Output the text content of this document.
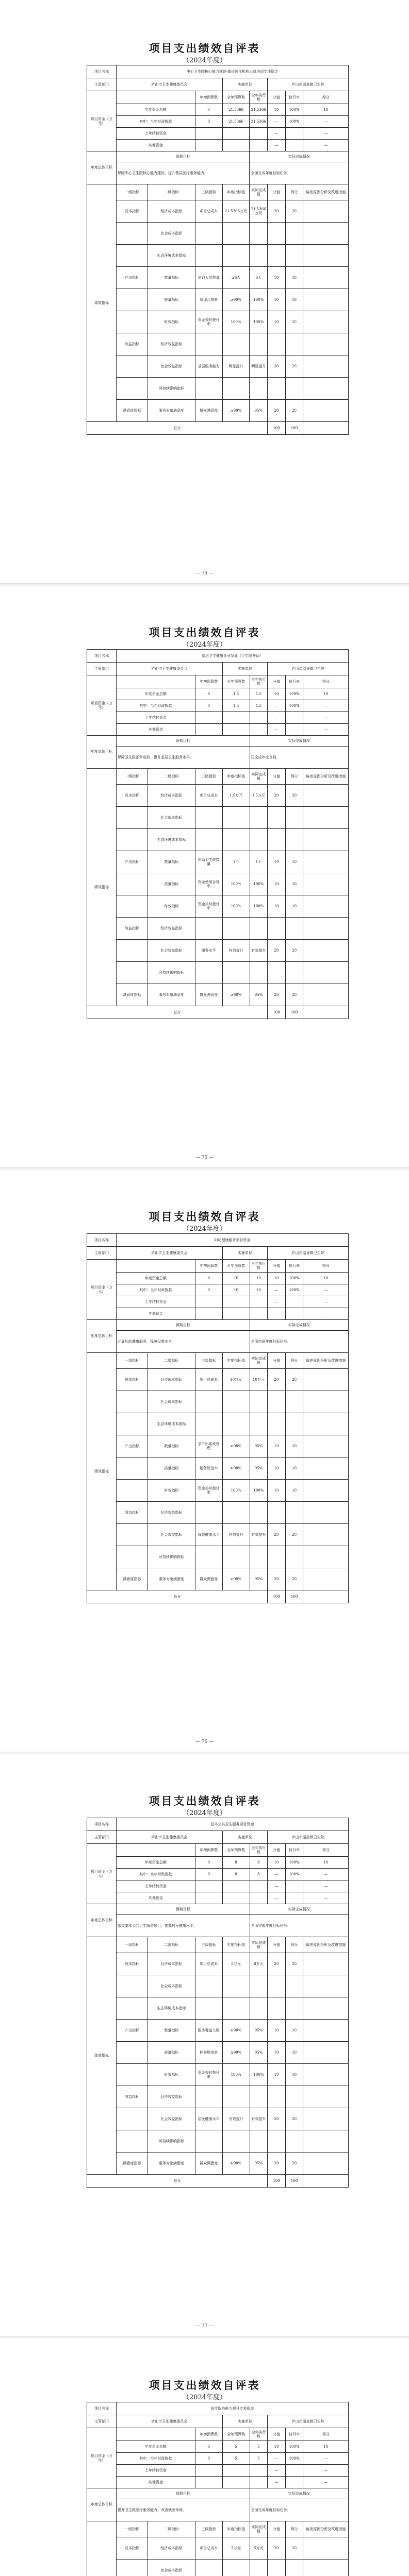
项目支出绩效自评表
（2024年度）
项目名称	中心卫生院核心能力建设·基层医疗机构人员培训专项资金							
主管部门	庐山市卫生健康委员会			实施单位		庐山市温泉镇卫生院		
项目资金（万元）			年初预算数	全年预算数	全年执行数	分值	执行率	得分
	年度资金总额		0	21.5366	21.5366	10	100%	10
	其中：当年财政拨款		0	21.5366	21.5366	—	100%	—
	上年结转资金					—		—
	其他资金					—		—
年度总体目标	预期目标				实际完成情况			
	保障中心卫生院核心能力建设，提升基层医疗服务能力。				全面完成年度目标任务。			
绩效指标	一级指标	二级指标	三级指标	年度指标值	实际完成值	分值	得分	偏差原因分析及改进措施
	成本指标	经济成本指标	项目总成本	21.5366万元	21.5366万元	20	20	
		社会成本指标						
		生态环境成本指标						
	产出指标	数量指标	培训人员数量	≥6人	6人	10	10	
		质量指标	培训合格率	≥90%	100%	10	10	
		时效指标	资金按时拨付率	100%	100%	10	10	
	效益指标	经济效益指标						
		社会效益指标	基层服务能力	明显提升	明显提升	20	20	
		可持续影响指标						
	满意度指标	服务对象满意度	群众满意度	≥90%	95%	20	20	
总分						100	100	
— 74 —
项目支出绩效自评表
（2024年度）
项目名称	基层卫生健康事业发展（卫生院补助）							
主管部门	庐山市卫生健康委员会			实施单位		庐山市温泉镇卫生院		
项目资金（万元）			年初预算数	全年预算数	全年执行数	分值	执行率	得分
	年度资金总额		0	1.5	1.5	10	100%	10
	其中：当年财政拨款		0	1.5	1.5	—	100%	—
	上年结转资金					—		—
	其他资金					—		—
年度总体目标	预期目标				实际完成情况			
	保障卫生院正常运转，提升基层卫生服务水平。				已完成年度目标。			
绩效指标	一级指标	二级指标	三级指标	年度指标值	实际完成值	分值	得分	偏差原因分析及改进措施
	成本指标	经济成本指标	项目总成本	1.5万元	1.5万元	20	20	
		社会成本指标						
		生态环境成本指标						
	产出指标	数量指标	补助卫生院数量	1个	1个	10	10	
		质量指标	资金使用合规率	100%	100%	10	10	
		时效指标	资金按时拨付率	100%	100%	10	10	
	效益指标	经济效益指标						
		社会效益指标	服务水平	有效提升	有效提升	20	20	
		可持续影响指标						
	满意度指标	服务对象满意度	群众满意度	≥90%	95%	20	20	
总分						100	100	
— 75 —
项目支出绩效自评表
（2024年度）
项目名称	妇幼健康服务项目资金							
主管部门	庐山市卫生健康委员会			实施单位		庐山市温泉镇卫生院		
项目资金（万元）			年初预算数	全年预算数	全年执行数	分值	执行率	得分
	年度资金总额		0	10	10	10	100%	10
	其中：当年财政拨款		0	10	10	—	100%	—
	上年结转资金					—		—
	其他资金					—		—
年度总体目标	预期目标				实际完成情况			
	开展妇幼健康服务，保障母婴安全。				全面完成年度目标任务。			
绩效指标	一级指标	二级指标	三级指标	年度指标值	实际完成值	分值	得分	偏差原因分析及改进措施
	成本指标	经济成本指标	项目总成本	10万元	10万元	20	20	
		社会成本指标						
		生态环境成本指标						
	产出指标	数量指标	孕产妇系统管理	≥90%	95%	10	10	
		质量指标	服务规范率	≥90%	95%	10	10	
		时效指标	资金按时拨付率	100%	100%	10	10	
	效益指标	经济效益指标						
		社会效益指标	母婴健康水平	有效提升	有效提升	20	20	
		可持续影响指标						
	满意度指标	服务对象满意度	群众满意度	≥90%	95%	20	20	
总分						100	100	
— 76 —
项目支出绩效自评表
（2024年度）
项目名称	基本公共卫生服务项目资金							
主管部门	庐山市卫生健康委员会			实施单位		庐山市温泉镇卫生院		
项目资金（万元）			年初预算数	全年预算数	全年执行数	分值	执行率	得分
	年度资金总额		0	8	8	10	100%	10
	其中：当年财政拨款		0	8	8	—	100%	—
	上年结转资金					—		—
	其他资金					—		—
年度总体目标	预期目标				实际完成情况			
	落实基本公共卫生服务项目，提高居民健康水平。				全面完成年度目标任务。			
绩效指标	一级指标	二级指标	三级指标	年度指标值	实际完成值	分值	得分	偏差原因分析及改进措施
	成本指标	经济成本指标	项目总成本	8万元	8万元	20	20	
		社会成本指标						
		生态环境成本指标						
	产出指标	数量指标	服务覆盖人数	≥90%	95%	10	10	
		质量指标	档案规范率	≥90%	95%	10	10	
		时效指标	资金按时拨付率	100%	100%	10	10	
	效益指标	经济效益指标						
		社会效益指标	居民健康水平	有效提升	有效提升	20	20	
		可持续影响指标						
	满意度指标	服务对象满意度	群众满意度	≥90%	95%	20	20	
总分						100	100	
— 77 —
项目支出绩效自评表
（2024年度）
项目名称	医疗服务能力提升专项资金							
主管部门	庐山市卫生健康委员会			实施单位		庐山市温泉镇卫生院		
项目资金（万元）			年初预算数	全年预算数	全年执行数	分值	执行率	得分
	年度资金总额		0	5	5	10	100%	10
	其中：当年财政拨款		0	5	5	—	100%	—
	上年结转资金					—		—
	其他资金					—		—
年度总体目标	预期目标				实际完成情况			
	提升卫生院医疗服务能力，改善就医环境。				全面完成年度目标任务。			
	一级指标	二级指标	三级指标	年度指标值	实际完成值	分值	得分	偏差原因分析及改进措施
	成本指标	经济成本指标	项目总成本	5万元	5万元	20	20	
		社会成本指标						
